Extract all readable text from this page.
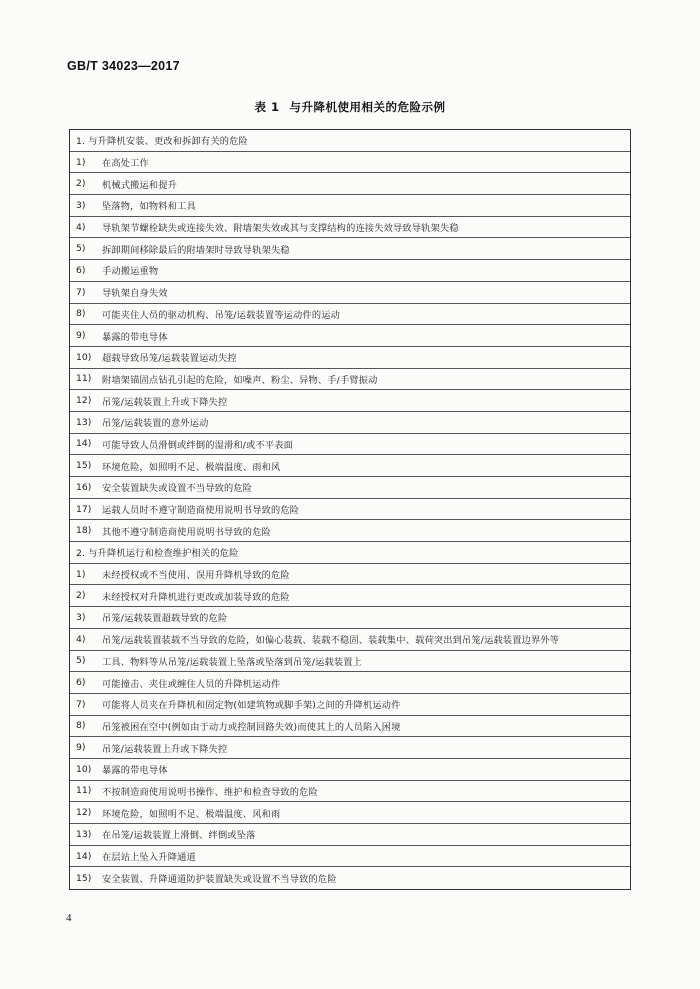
GB/T 34023—2017
表 1 与升降机使用相关的危险示例
1. 与升降机安装、更改和拆卸有关的危险
1)	在高处工作
2)	机械式搬运和提升
3)	坠落物，如物料和工具
4)	导轨架节螺栓缺失或连接失效、附墙架失效或其与支撑结构的连接失效导致导轨架失稳
5)	拆卸期间移除最后的附墙架时导致导轨架失稳
6)	手动搬运重物
7)	导轨架自身失效
8)	可能夹住人员的驱动机构、吊笼/运载装置等运动件的运动
9)	暴露的带电导体
10)	超载导致吊笼/运载装置运动失控
11)	附墙架锚固点钻孔引起的危险，如噪声、粉尘、异物、手/手臂振动
12)	吊笼/运载装置上升或下降失控
13)	吊笼/运载装置的意外运动
14)	可能导致人员滑倒或绊倒的湿滑和/或不平表面
15)	环境危险，如照明不足、极端温度、雨和风
16)	安全装置缺失或设置不当导致的危险
17)	运载人员时不遵守制造商使用说明书导致的危险
18)	其他不遵守制造商使用说明书导致的危险
2. 与升降机运行和检查维护相关的危险
1)	未经授权或不当使用、误用升降机导致的危险
2)	未经授权对升降机进行更改或加装导致的危险
3)	吊笼/运载装置超载导致的危险
4)	吊笼/运载装置装载不当导致的危险，如偏心装载、装载不稳固、装载集中、载荷突出到吊笼/运载装置边界外等
5)	工具、物料等从吊笼/运载装置上坠落或坠落到吊笼/运载装置上
6)	可能撞击、夹住或缠住人员的升降机运动件
7)	可能将人员夹在升降机和固定物(如建筑物或脚手架)之间的升降机运动件
8)	吊笼被困在空中(例如由于动力或控制回路失效)而使其上的人员陷入困境
9)	吊笼/运载装置上升或下降失控
10)	暴露的带电导体
11)	不按制造商使用说明书操作、维护和检查导致的危险
12)	环境危险，如照明不足、极端温度、风和雨
13)	在吊笼/运载装置上滑倒、绊倒或坠落
14)	在层站上坠入升降通道
15)	安全装置、升降通道防护装置缺失或设置不当导致的危险
4
